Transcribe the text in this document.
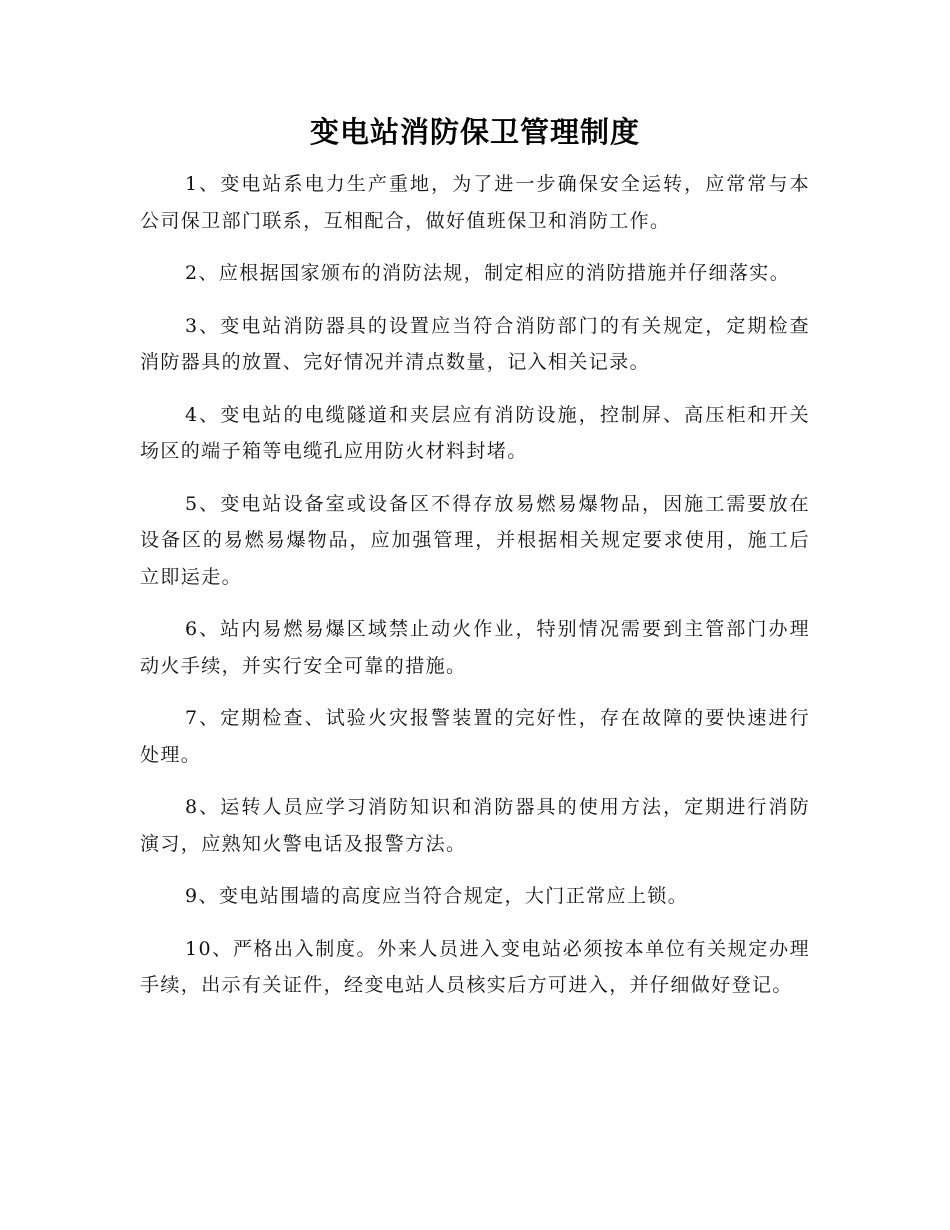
变电站消防保卫管理制度

1、变电站系电力生产重地，为了进一步确保安全运转，应常常与本公司保卫部门联系，互相配合，做好值班保卫和消防工作。

2、应根据国家颁布的消防法规，制定相应的消防措施并仔细落实。

3、变电站消防器具的设置应当符合消防部门的有关规定，定期检查消防器具的放置、完好情况并清点数量，记入相关记录。

4、变电站的电缆隧道和夹层应有消防设施，控制屏、高压柜和开关场区的端子箱等电缆孔应用防火材料封堵。

5、变电站设备室或设备区不得存放易燃易爆物品，因施工需要放在设备区的易燃易爆物品，应加强管理，并根据相关规定要求使用，施工后立即运走。

6、站内易燃易爆区域禁止动火作业，特别情况需要到主管部门办理动火手续，并实行安全可靠的措施。

7、定期检查、试验火灾报警装置的完好性，存在故障的要快速进行处理。

8、运转人员应学习消防知识和消防器具的使用方法，定期进行消防演习，应熟知火警电话及报警方法。

9、变电站围墙的高度应当符合规定，大门正常应上锁。

10、严格出入制度。外来人员进入变电站必须按本单位有关规定办理手续，出示有关证件，经变电站人员核实后方可进入，并仔细做好登记。
